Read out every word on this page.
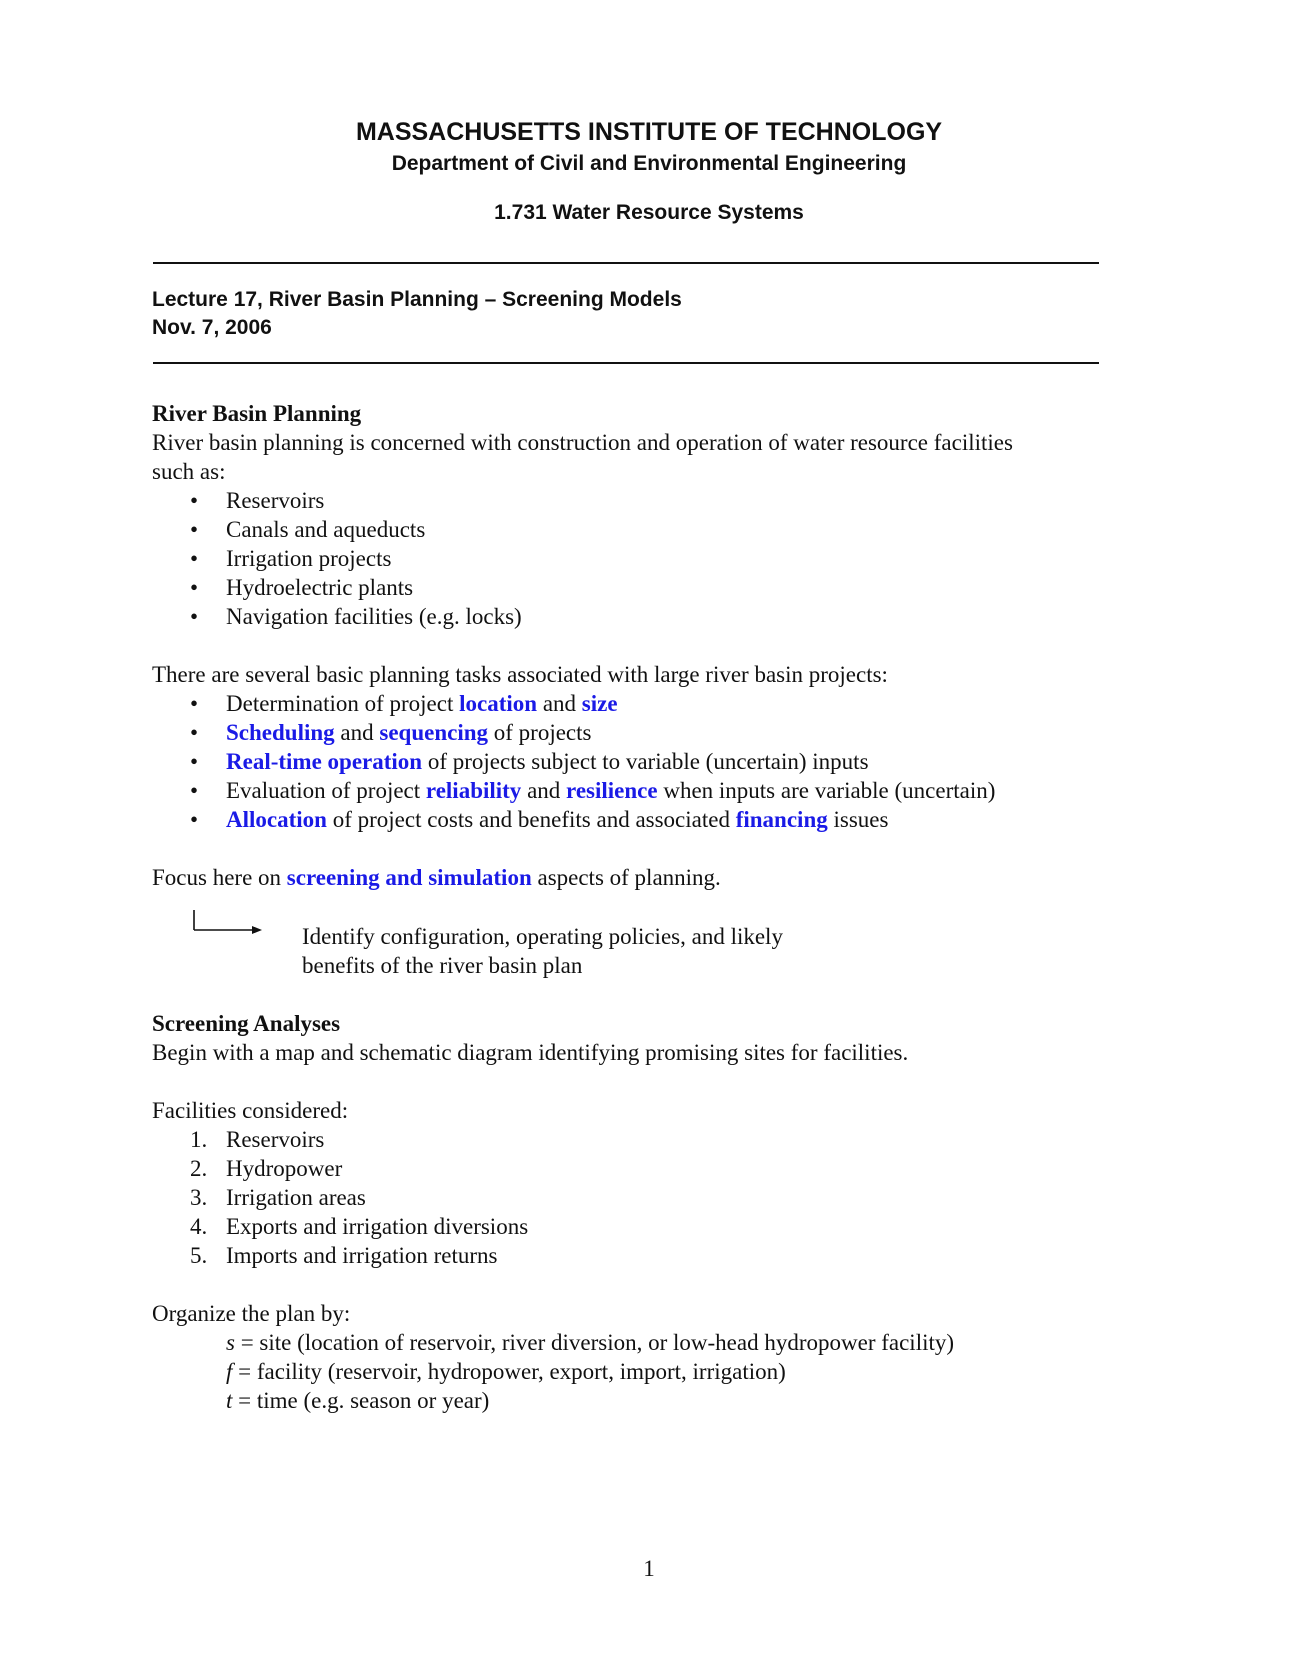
MASSACHUSETTS INSTITUTE OF TECHNOLOGY
Department of Civil and Environmental Engineering
1.731 Water Resource Systems
Lecture 17, River Basin Planning – Screening Models
Nov. 7, 2006
River Basin Planning
River basin planning is concerned with construction and operation of water resource facilities
such as:
• Reservoirs
• Canals and aqueducts
• Irrigation projects
• Hydroelectric plants
• Navigation facilities (e.g. locks)
There are several basic planning tasks associated with large river basin projects:
• Determination of project location and size
• Scheduling and sequencing of projects
• Real-time operation of projects subject to variable (uncertain) inputs
• Evaluation of project reliability and resilience when inputs are variable (uncertain)
• Allocation of project costs and benefits and associated financing issues
Focus here on screening and simulation aspects of planning.
Identify configuration, operating policies, and likely
benefits of the river basin plan
Screening Analyses
Begin with a map and schematic diagram identifying promising sites for facilities.
Facilities considered:
1. Reservoirs
2. Hydropower
3. Irrigation areas
4. Exports and irrigation diversions
5. Imports and irrigation returns
Organize the plan by:
s = site (location of reservoir, river diversion, or low-head hydropower facility)
f = facility (reservoir, hydropower, export, import, irrigation)
t = time (e.g. season or year)
1
